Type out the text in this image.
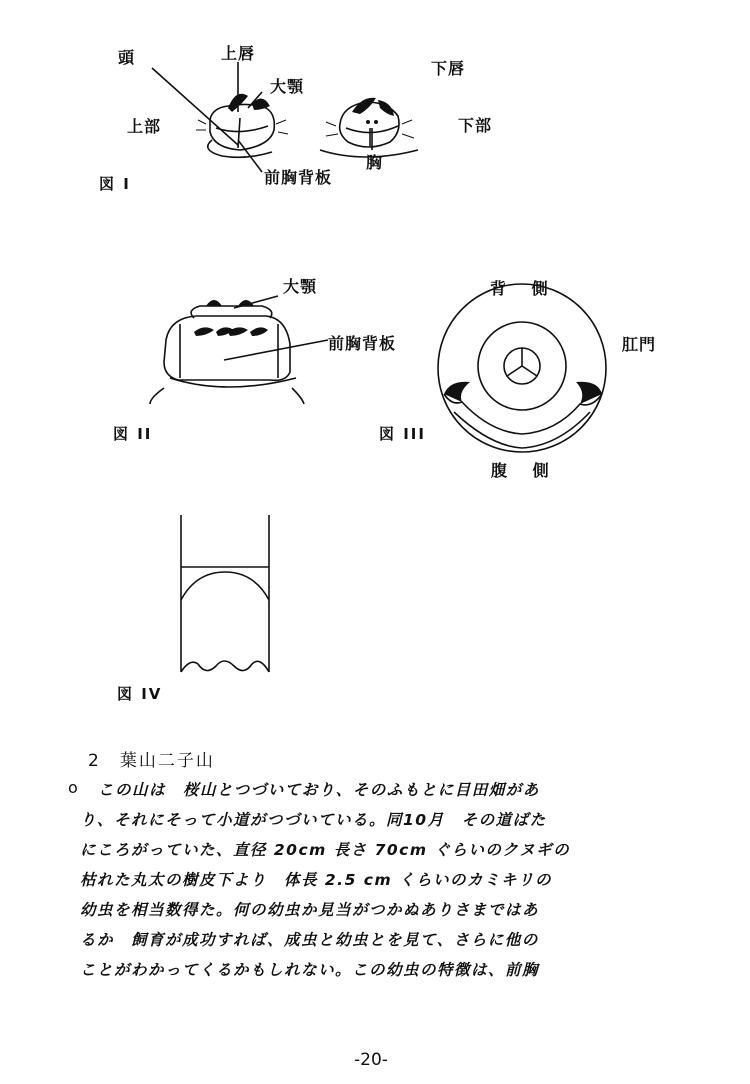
頭	上唇
大顎
下唇
上部	下部
胸
前胸背板
図 I
大顎
前胸背板
図 II
背 側
肛門
腹 側
図 III
図 IV
2　葉山二子山
o この山は　桜山とつづいており、そのふもとに目田畑があ
り、それにそって小道がつづいている。同10月　その道ばた
にころがっていた、直径 20cm 長さ 70cm ぐらいのクヌギの
枯れた丸太の樹皮下より　体長 2.5 cm くらいのカミキリの
幼虫を相当数得た。何の幼虫か見当がつかぬありさまではあ
るか　飼育が成功すれば、成虫と幼虫とを見て、さらに他の
ことがわかってくるかもしれない。この幼虫の特徴は、前胸
-20-
